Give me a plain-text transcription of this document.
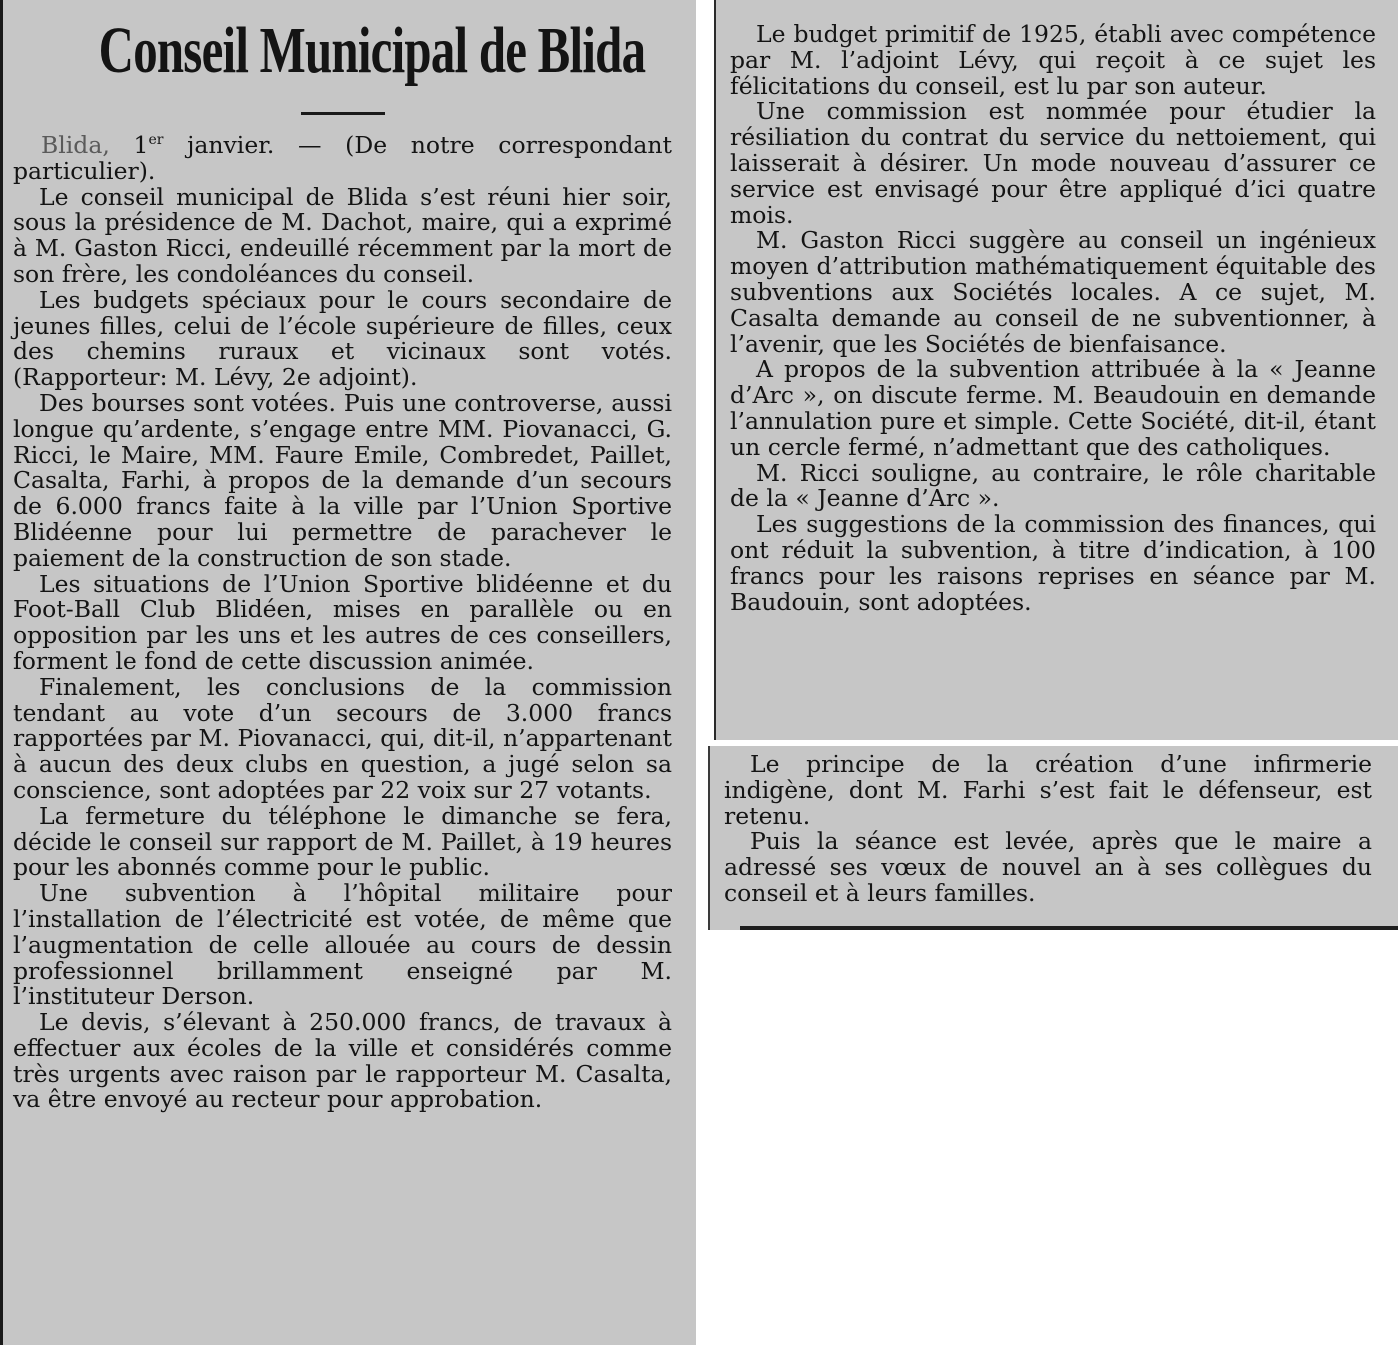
Conseil Municipal de Blida

Blida, 1er janvier. — (De notre correspondant particulier).

Le conseil municipal de Blida s’est réuni hier soir, sous la présidence de M. Dachot, maire, qui a exprimé à M. Gaston Ricci, endeuillé récemment par la mort de son frère, les condoléances du conseil.

Les budgets spéciaux pour le cours secondaire de jeunes filles, celui de l’école supérieure de filles, ceux des chemins ruraux et vicinaux sont votés. (Rapporteur: M. Lévy, 2e adjoint).

Des bourses sont votées. Puis une controverse, aussi longue qu’ardente, s’engage entre MM. Piovanacci, G. Ricci, le Maire, MM. Faure Emile, Combredet, Paillet, Casalta, Farhi, à propos de la demande d’un secours de 6.000 francs faite à la ville par l’Union Sportive Blidéenne pour lui permettre de parachever le paiement de la construction de son stade.

Les situations de l’Union Sportive blidéenne et du Foot-Ball Club Blidéen, mises en parallèle ou en opposition par les uns et les autres de ces conseillers, forment le fond de cette discussion animée.

Finalement, les conclusions de la commission tendant au vote d’un secours de 3.000 francs rapportées par M. Piovanacci, qui, dit-il, n’appartenant à aucun des deux clubs en question, a jugé selon sa conscience, sont adoptées par 22 voix sur 27 votants.

La fermeture du téléphone le dimanche se fera, décide le conseil sur rapport de M. Paillet, à 19 heures pour les abonnés comme pour le public.

Une subvention à l’hôpital militaire pour l’installation de l’électricité est votée, de même que l’augmentation de celle allouée au cours de dessin professionnel brillamment enseigné par M. l’instituteur Derson.

Le devis, s’élevant à 250.000 francs, de travaux à effectuer aux écoles de la ville et considérés comme très urgents avec raison par le rapporteur M. Casalta, va être envoyé au recteur pour approbation.

Le budget primitif de 1925, établi avec compétence par M. l’adjoint Lévy, qui reçoit à ce sujet les félicitations du conseil, est lu par son auteur.

Une commission est nommée pour étudier la résiliation du contrat du service du nettoiement, qui laisserait à désirer. Un mode nouveau d’assurer ce service est envisagé pour être appliqué d’ici quatre mois.

M. Gaston Ricci suggère au conseil un ingénieux moyen d’attribution mathématiquement équitable des subventions aux Sociétés locales. A ce sujet, M. Casalta demande au conseil de ne subventionner, à l’avenir, que les Sociétés de bienfaisance.

A propos de la subvention attribuée à la « Jeanne d’Arc », on discute ferme. M. Beaudouin en demande l’annulation pure et simple. Cette Société, dit-il, étant un cercle fermé, n’admettant que des catholiques.

M. Ricci souligne, au contraire, le rôle charitable de la « Jeanne d’Arc ».

Les suggestions de la commission des finances, qui ont réduit la subvention, à titre d’indication, à 100 francs pour les raisons reprises en séance par M. Baudouin, sont adoptées.

Le principe de la création d’une infirmerie indigène, dont M. Farhi s’est fait le défenseur, est retenu.

Puis la séance est levée, après que le maire a adressé ses vœux de nouvel an à ses collègues du conseil et à leurs familles.
